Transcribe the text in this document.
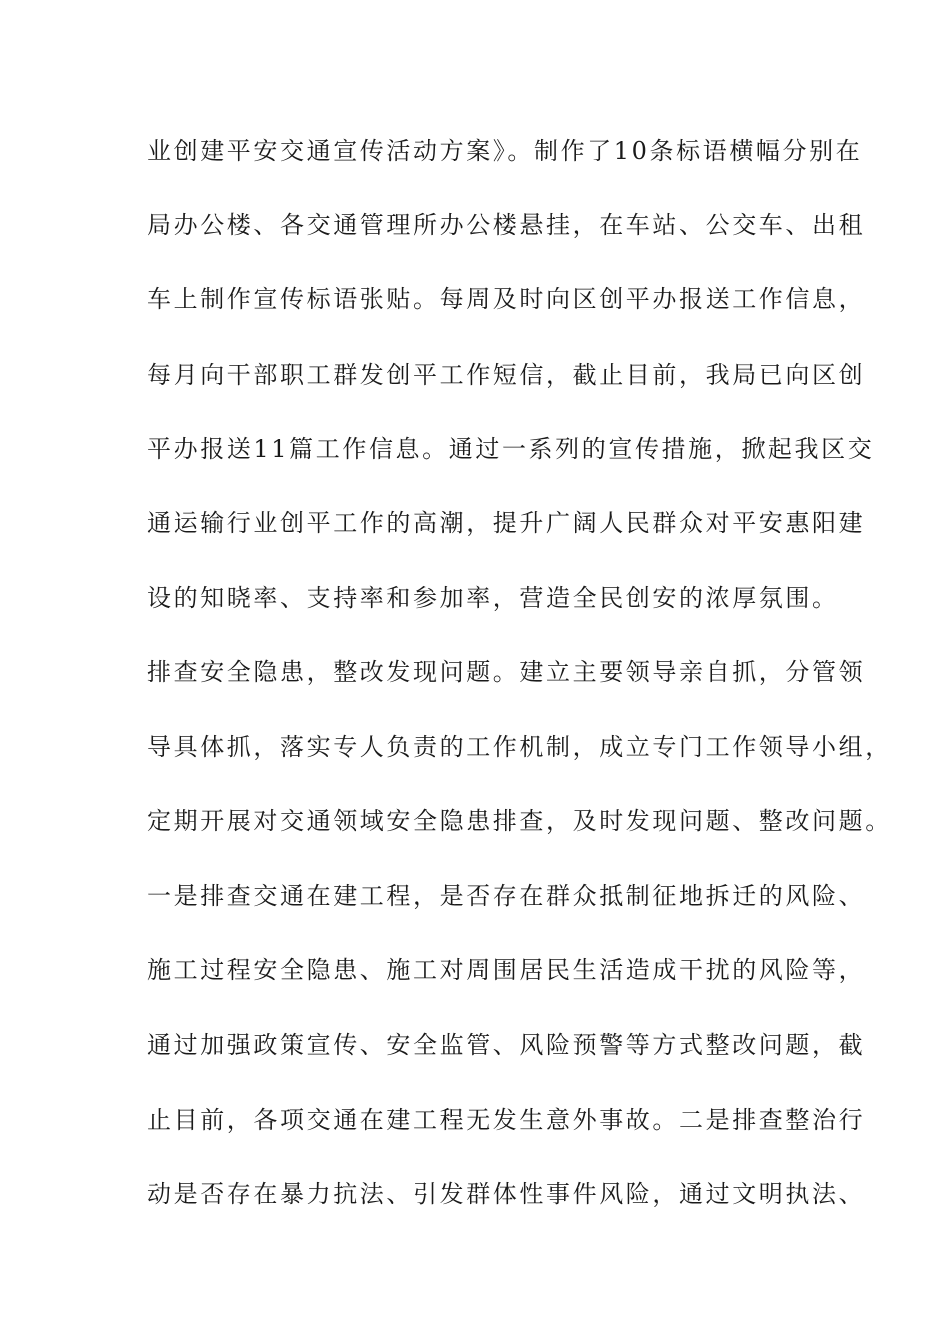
业创建平安交通宣传活动方案》。制作了10条标语横幅分别在
局办公楼、各交通管理所办公楼悬挂，在车站、公交车、出租
车上制作宣传标语张贴。每周及时向区创平办报送工作信息，
每月向干部职工群发创平工作短信，截止目前，我局已向区创
平办报送11篇工作信息。通过一系列的宣传措施，掀起我区交
通运输行业创平工作的高潮，提升广阔人民群众对平安惠阳建
设的知晓率、支持率和参加率，营造全民创安的浓厚氛围。
排查安全隐患，整改发现问题。建立主要领导亲自抓，分管领
导具体抓，落实专人负责的工作机制，成立专门工作领导小组，
定期开展对交通领域安全隐患排查，及时发现问题、整改问题。
一是排查交通在建工程，是否存在群众抵制征地拆迁的风险、
施工过程安全隐患、施工对周围居民生活造成干扰的风险等，
通过加强政策宣传、安全监管、风险预警等方式整改问题，截
止目前，各项交通在建工程无发生意外事故。二是排查整治行
动是否存在暴力抗法、引发群体性事件风险，通过文明执法、
